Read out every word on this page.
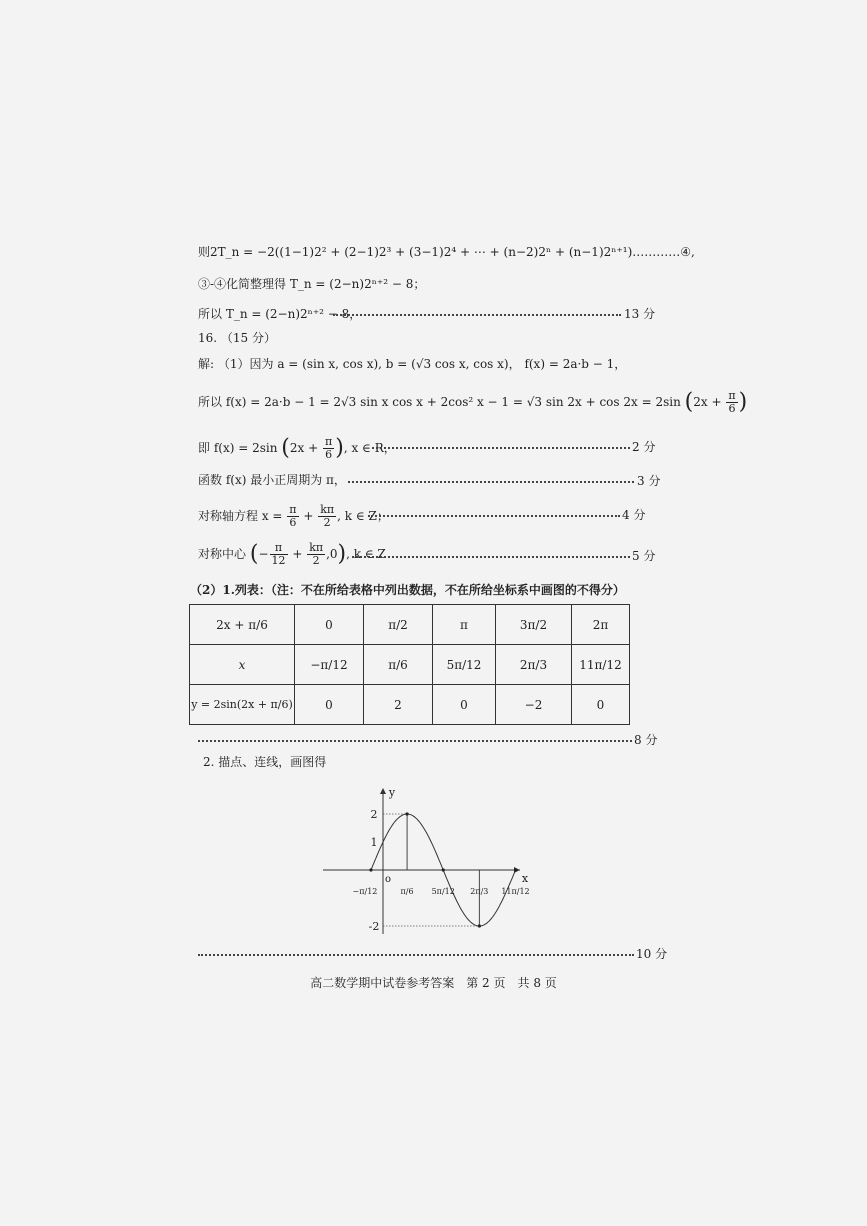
则2T_n = −2((1−1)2² + (2−1)2³ + (3−1)2⁴ + ⋯ + (n−2)2ⁿ + (n−1)2ⁿ⁺¹)…………④,
③-④化简整理得 T_n = (2−n)2ⁿ⁺² − 8；
所以 T_n = (2−n)2ⁿ⁺² − 8，	13 分
16. （15 分）
解: （1）因为 a = (sin x, cos x), b = (√3 cos x, cos x)， f(x) = 2a·b − 1，
所以 f(x) = 2a·b − 1 = 2√3 sin x cos x + 2cos² x − 1 = √3 sin 2x + cos 2x = 2sin ($2x + \frac{\pi}{6}$ )
即 f(x) = 2sin ($2x + \frac{\pi}{6}$ ), x ∈ R，	2 分
函数 f(x) 最小正周期为 π，	3 分
对称轴方程 $x = \frac{\pi}{6} + \frac{k\pi}{2}$ , k ∈ Z；	4 分
对称中心 (− $\frac{\pi}{12} + \frac{k\pi}{2} ,0$), k ∈ Z	5 分
（2）1.列表：（注：不在所给表格中列出数据，不在所给坐标系中画图的不得分）
2x + π/6	0	π/2	π	3π/2	2π
x	−π/12	π/6	5π/12	2π/3	11π/12
y = 2sin(2x + π/6)	0	2	0	−2	0
8 分
2. 描点、连线，画图得
y
x
o
2
1
-2
−π/12	π/6 5π/12 2π/3 11π/12
10 分
高二数学期中试卷参考答案　第 2 页　共 8 页
